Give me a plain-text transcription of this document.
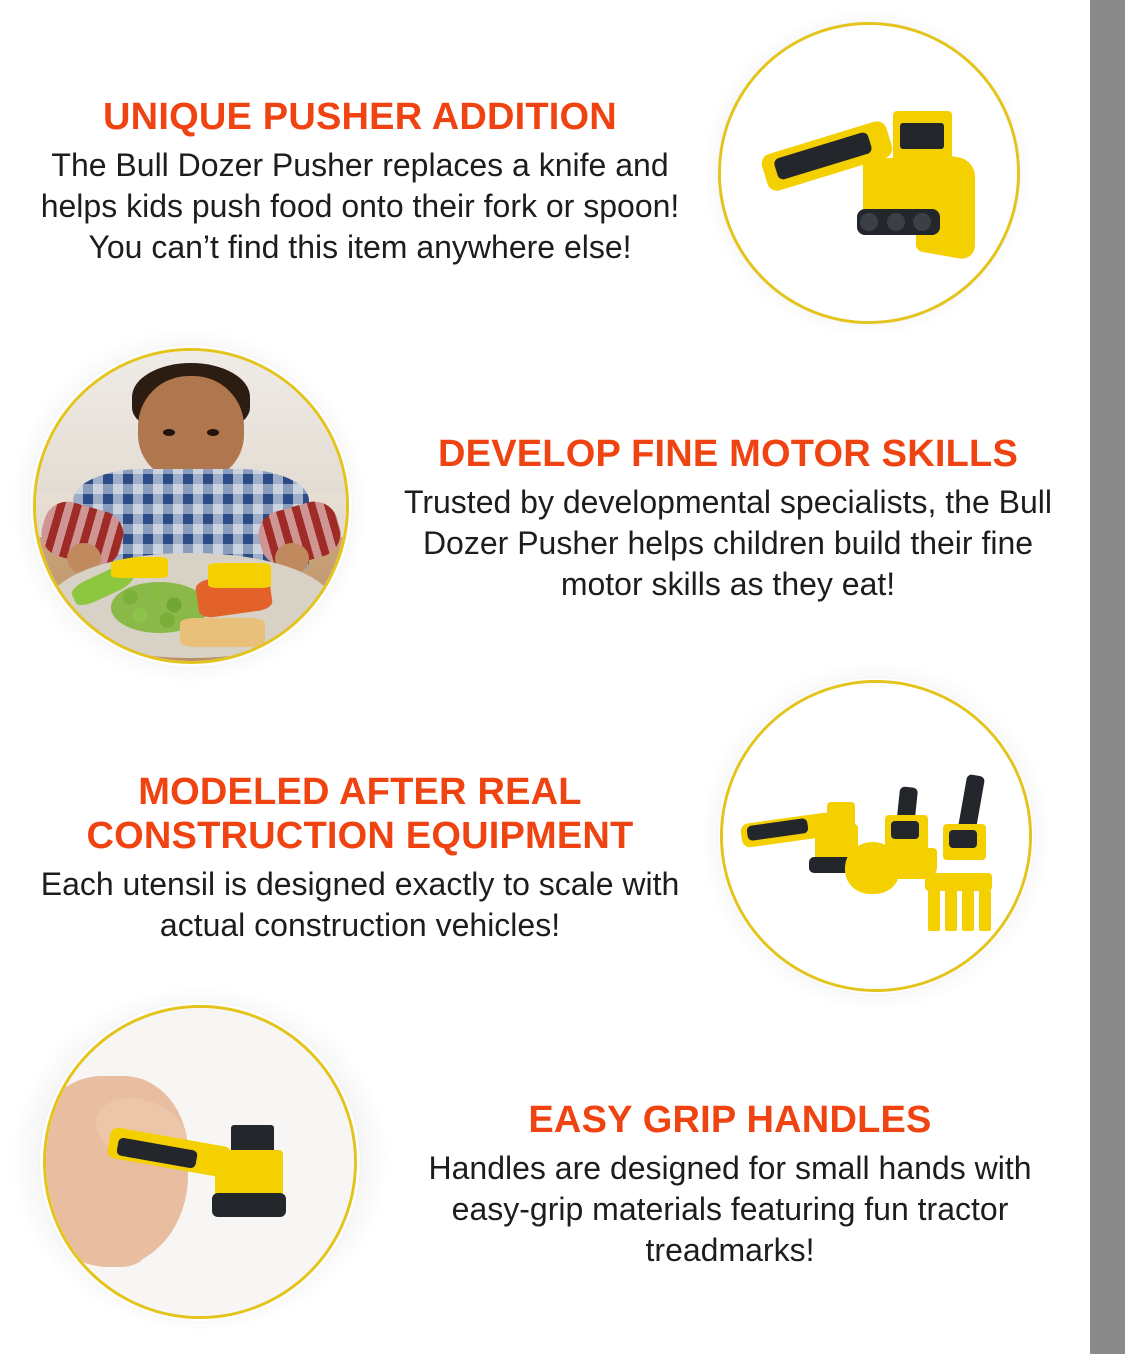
UNIQUE PUSHER ADDITION

The Bull Dozer Pusher replaces a knife and helps kids push food onto their fork or spoon! You can’t find this item anywhere else!

DEVELOP FINE MOTOR SKILLS

Trusted by developmental specialists, the Bull Dozer Pusher helps children build their fine motor skills as they eat!

MODELED AFTER REAL CONSTRUCTION EQUIPMENT

Each utensil is designed exactly to scale with actual construction vehicles!

EASY GRIP HANDLES

Handles are designed for small hands with easy-grip materials featuring fun tractor treadmarks!
